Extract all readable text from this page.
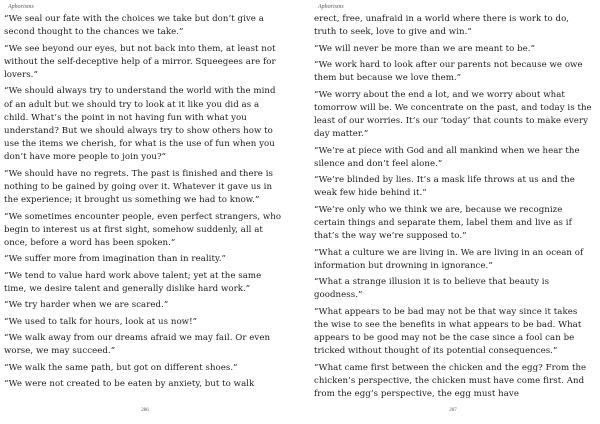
Aphorisms
“We seal our fate with the choices we take but don’t give a second thought to the chances we take.”
“We see beyond our eyes, but not back into them, at least not without the self-deceptive help of a mirror. Squeegees are for lovers.”
“We should always try to understand the world with the mind of an adult but we should try to look at it like you did as a child. What’s the point in not having fun with what you understand? But we should always try to show others how to use the items we cherish, for what is the use of fun when you don’t have more people to join you?”
“We should have no regrets. The past is finished and there is nothing to be gained by going over it. Whatever it gave us in the experience; it brought us something we had to know.”
“We sometimes encounter people, even perfect strangers, who begin to interest us at first sight, somehow suddenly, all at once, before a word has been spoken.”
“We suffer more from imagination than in reality.”
“We tend to value hard work above talent; yet at the same time, we desire talent and generally dislike hard work.”
“We try harder when we are scared.”
“We used to talk for hours, look at us now!”
“We walk away from our dreams afraid we may fail. Or even worse, we may succeed.”
“We walk the same path, but got on different shoes.”
“We were not created to be eaten by anxiety, but to walk
286
Aphorisms
erect, free, unafraid in a world where there is work to do, truth to seek, love to give and win.”
“We will never be more than we are meant to be.”
“We work hard to look after our parents not because we owe them but because we love them.”
“We worry about the end a lot, and we worry about what tomorrow will be. We concentrate on the past, and today is the least of our worries. It’s our ‘today’ that counts to make every day matter.”
“We’re at piece with God and all mankind when we hear the silence and don’t feel alone.”
“We’re blinded by lies. It’s a mask life throws at us and the weak few hide behind it.”
“We’re only who we think we are, because we recognize certain things and separate them, label them and live as if that’s the way we’re supposed to.”
“What a culture we are living in. We are living in an ocean of information but drowning in ignorance.”
“What a strange illusion it is to believe that beauty is goodness.”
“What appears to be bad may not be that way since it takes the wise to see the benefits in what appears to be bad. What appears to be good may not be the case since a fool can be tricked without thought of its potential consequences.”
“What came first between the chicken and the egg? From the chicken’s perspective, the chicken must have come first. And from the egg’s perspective, the egg must have
287
